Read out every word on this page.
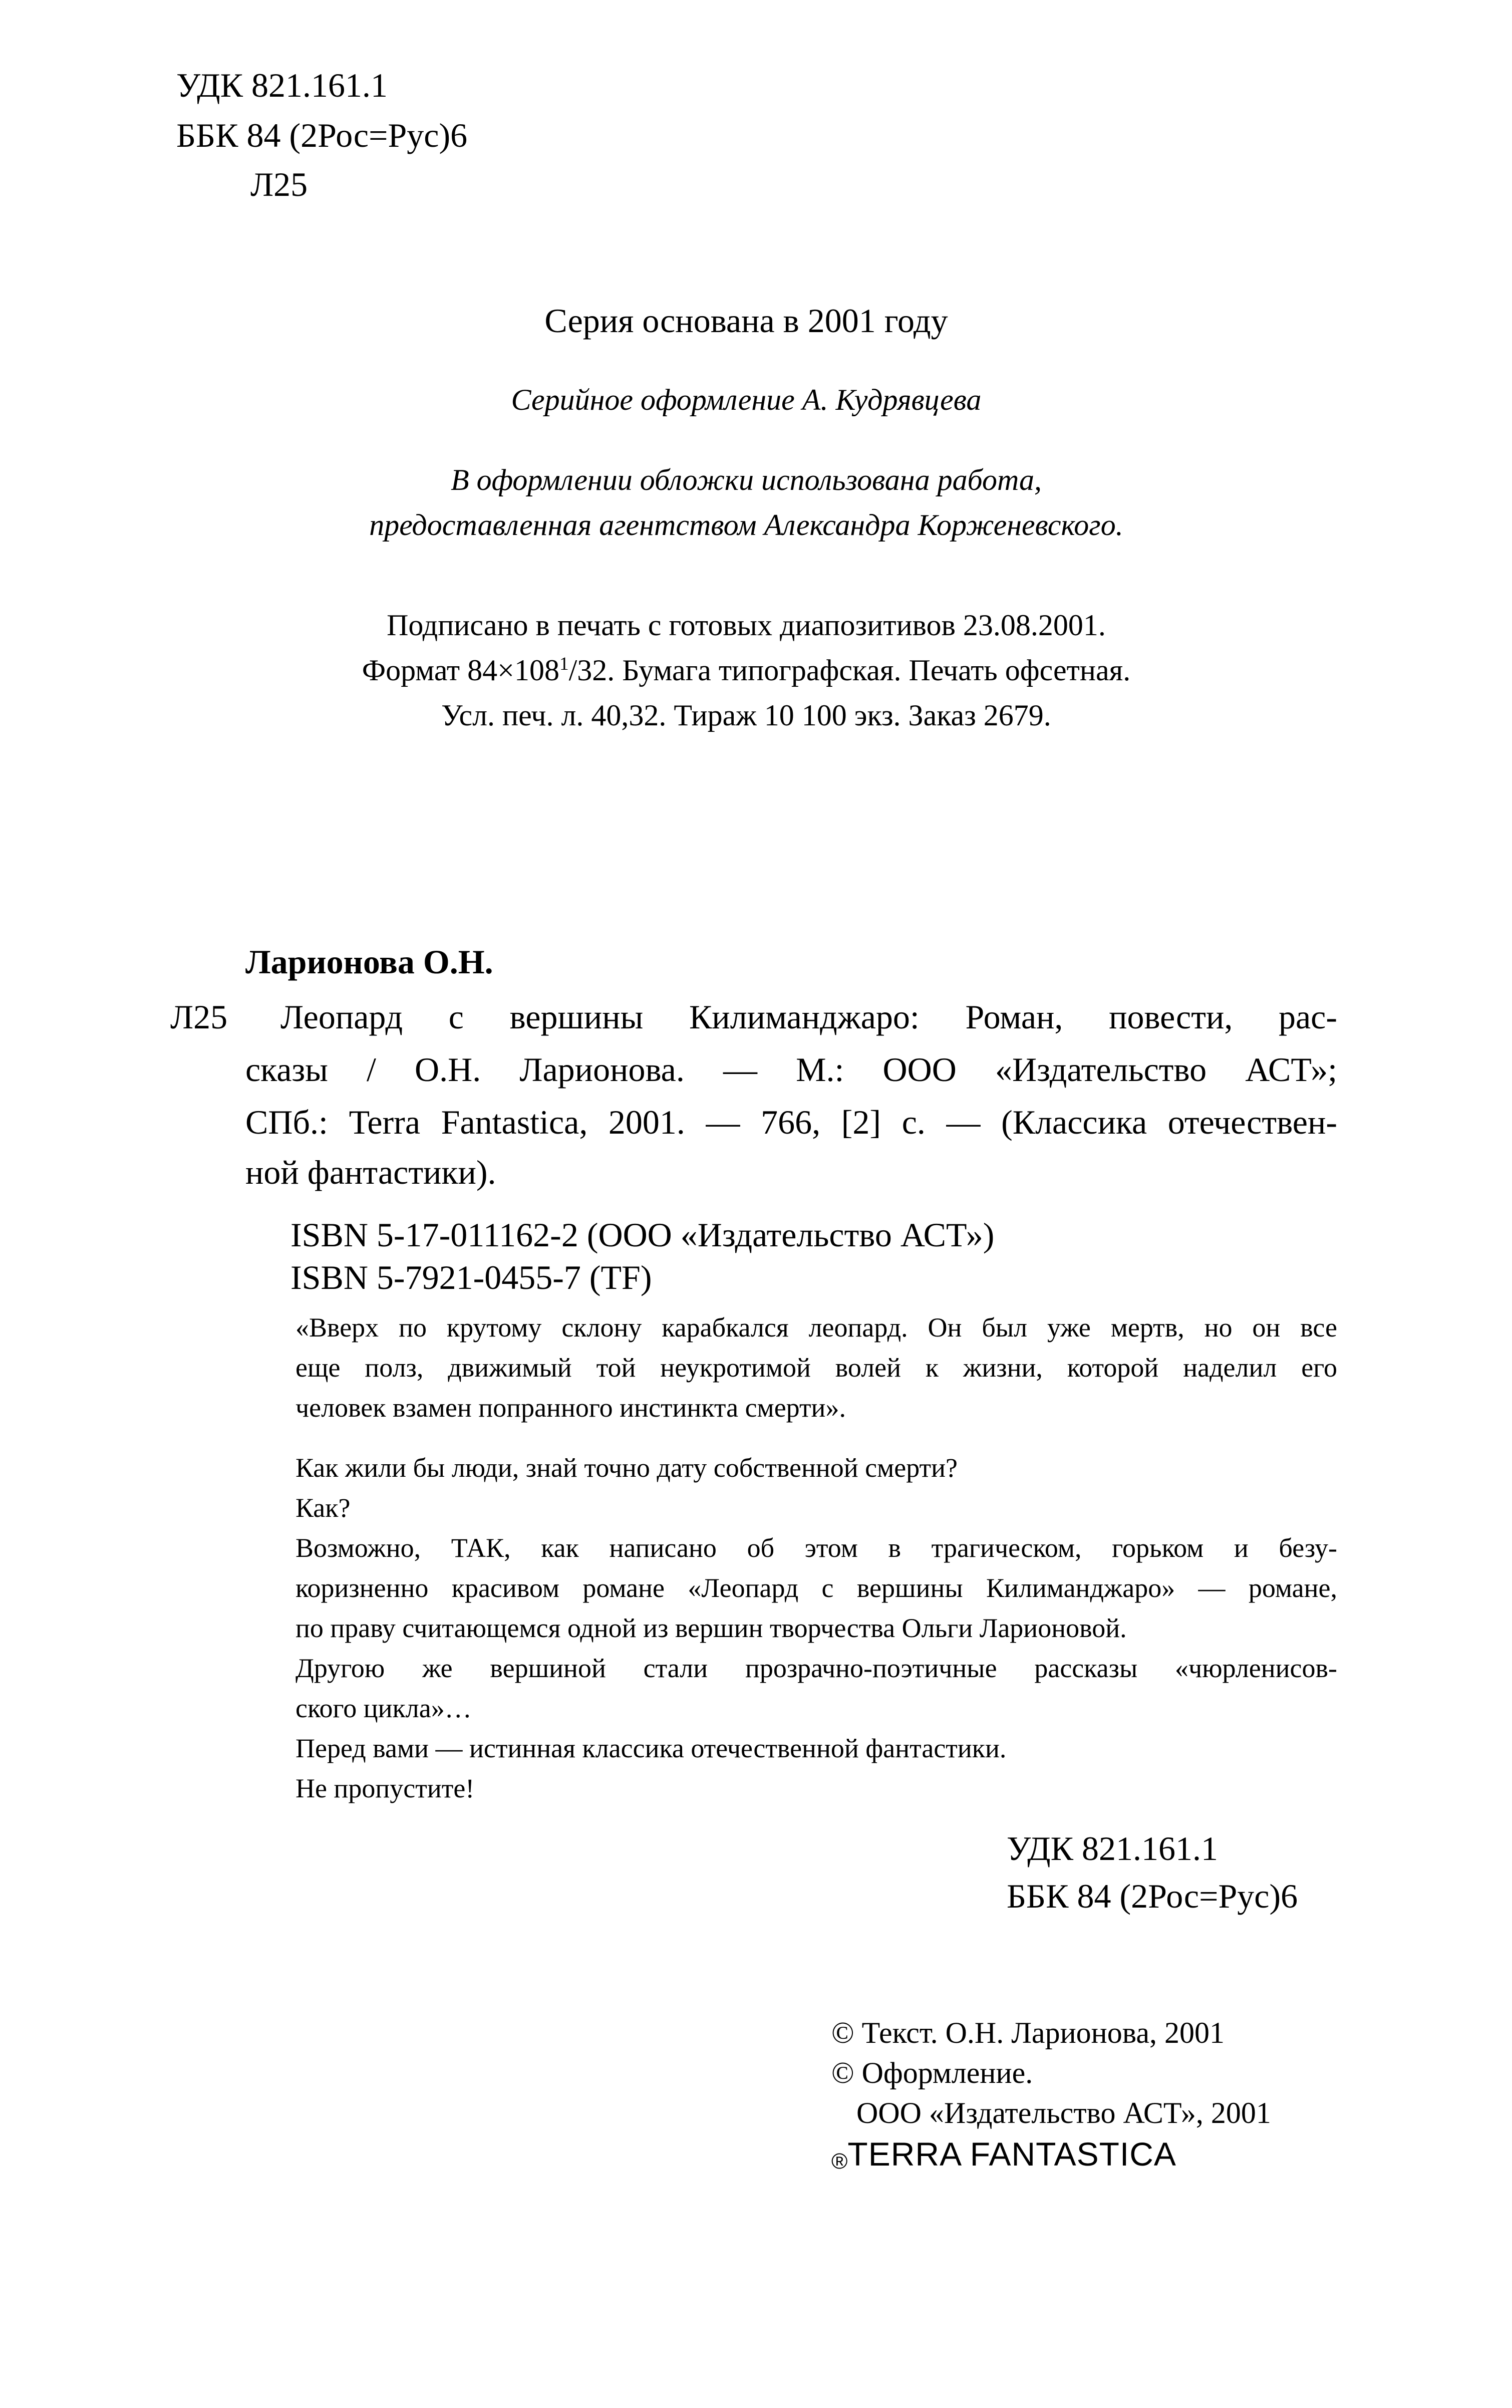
УДК 821.161.1
ББК 84 (2Рос=Рус)6
Л25
Серия основана в 2001 году
Серийное оформление А. Кудрявцева
В оформлении обложки использована работа,
предоставленная агентством Александра Корженевского.
Подписано в печать с готовых диапозитивов 23.08.2001.
Формат $84\times 108^1/32$. Бумага типографская. Печать офсетная.
Усл. печ. л. 40,32. Тираж 10 100 экз. Заказ 2679.
Ларионова О.Н.
Л25 Леопард с вершины Килиманджаро: Роман, повести, рас-
сказы / О.Н. Ларионова. — М.: ООО «Издательство АСТ»;
СПб.: Terra Fantastica, 2001. — 766, [2] с. — (Классика отечествен-
ной фантастики).
ISBN 5-17-011162-2 (ООО «Издательство АСТ»)
ISBN 5-7921-0455-7 (TF)
«Вверх по крутому склону карабкался леопард. Он был уже мертв, но он все
еще полз, движимый той неукротимой волей к жизни, которой наделил его
человек взамен попранного инстинкта смерти».
Как жили бы люди, знай точно дату собственной смерти?
Как?
Возможно, ТАК, как написано об этом в трагическом, горьком и безу-
коризненно красивом романе «Леопард с вершины Килиманджаро» — романе,
по праву считающемся одной из вершин творчества Ольги Ларионовой.
Другою же вершиной стали прозрачно-поэтичные рассказы «чюрленисов-
ского цикла»…
Перед вами — истинная классика отечественной фантастики.
Не пропустите!
УДК 821.161.1
ББК 84 (2Рос=Рус)6
© Текст. О.Н. Ларионова, 2001
© Оформление.
ООО «Издательство АСТ», 2001
®TERRA FANTASTICA
